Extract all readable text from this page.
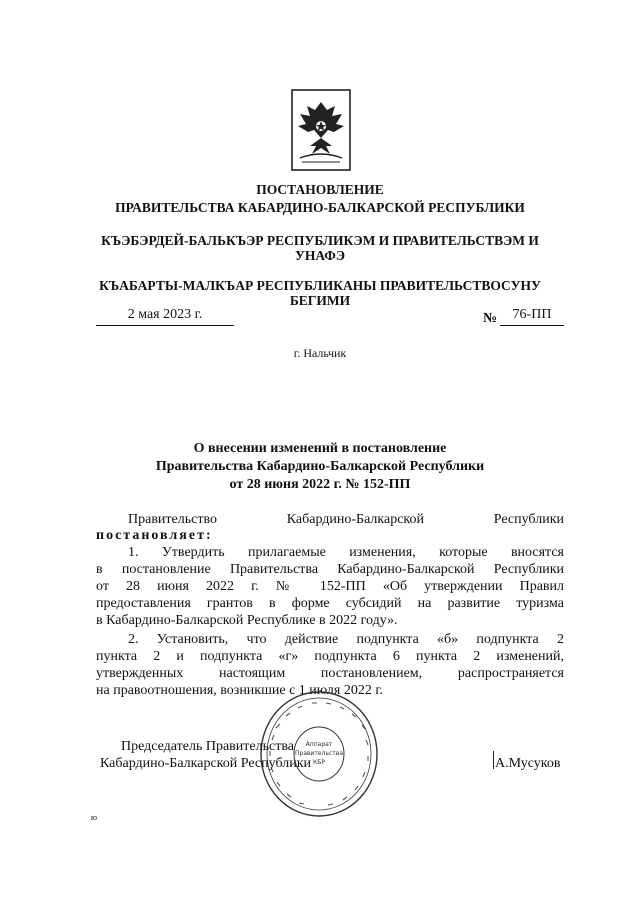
ПОСТАНОВЛЕНИЕ
ПРАВИТЕЛЬСТВА КАБАРДИНО-БАЛКАРСКОЙ РЕСПУБЛИКИ
КЪЭБЭРДЕЙ-БАЛЬКЪЭР РЕСПУБЛИКЭМ И ПРАВИТЕЛЬСТВЭМ И
УНАФЭ
КЪАБАРТЫ-МАЛКЪАР РЕСПУБЛИКАНЫ ПРАВИТЕЛЬСТВОСУНУ
БЕГИМИ
2 мая 2023 г.	№	76-ПП
г. Нальчик
О внесении изменений в постановление
Правительства Кабардино-Балкарской Республики
от 28 июня 2022 г. № 152-ПП
Правительство	Кабардино-Балкарской	Республики
постановляет:
1. Утвердить прилагаемые изменения, которые вносятся
в постановление Правительства Кабардино-Балкарской Республики
от 28 июня 2022 г. № 152-ПП «Об утверждении Правил
предоставления грантов в форме субсидий на развитие туризма
в Кабардино-Балкарской Республике в 2022 году».
2. Установить, что действие подпункта «б» подпункта 2
пункта 2 и подпункта «г» подпункта 6 пункта 2 изменений,
утвержденных настоящим постановлением, распространяется
на правоотношения, возникшие с 1 июля 2022 г.
Аппарат
Правительства
КБР
Председатель Правительства
Кабардино-Балкарской Республики	А.Мусуков
ю
